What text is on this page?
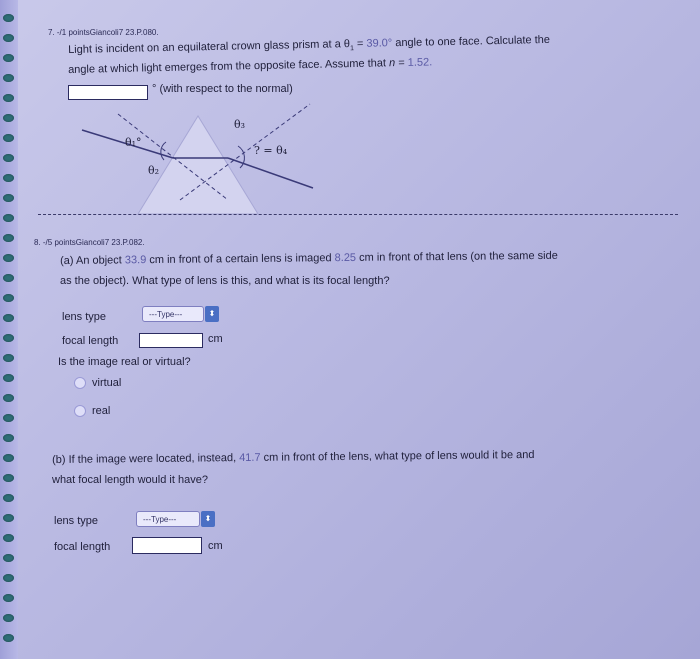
7. -/1 pointsGiancoli7 23.P.080.
Light is incident on an equilateral crown glass prism at a $\theta_1 = 39.0^\circ$ angle to one face. Calculate the
angle at which light emerges from the opposite face. Assume that n = 1.52.
° (with respect to the normal)
θ₁°
θ₂
θ₃
? = θ₄
8. -/5 pointsGiancoli7 23.P.082.
(a) An object 33.9 cm in front of a certain lens is imaged 8.25 cm in front of that lens (on the same side
as the object). What type of lens is this, and what is its focal length?
lens type	---Type---	⬍
focal length	cm
Is the image real or virtual?
virtual
real
(b) If the image were located, instead, 41.7 cm in front of the lens, what type of lens would it be and
what focal length would it have?
lens type	---Type---	⬍
focal length	cm
